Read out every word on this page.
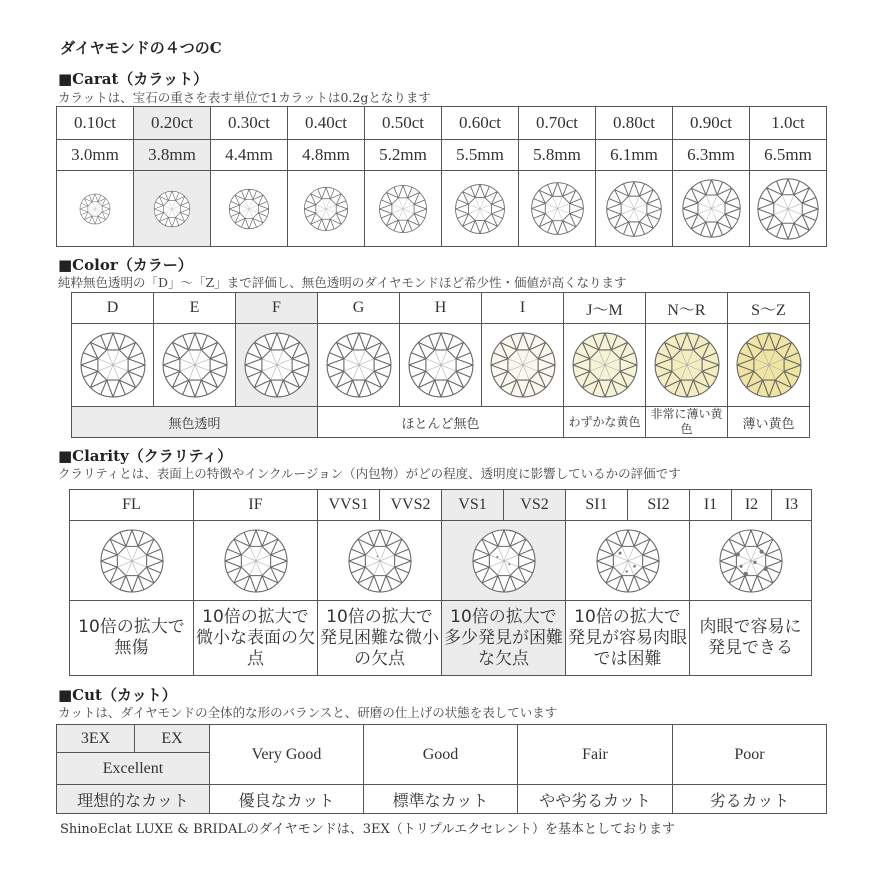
ダイヤモンドの４つのC
■Carat（カラット）
カラットは、宝石の重さを表す単位で1カラットは0.2gとなります
0.10ct	0.20ct	0.30ct	0.40ct	0.50ct	0.60ct	0.70ct	0.80ct	0.90ct	1.0ct
3.0mm	3.8mm	4.4mm	4.8mm	5.2mm	5.5mm	5.8mm	6.1mm	6.3mm	6.5mm

■Color（カラー）
純粋無色透明の「D」〜「Z」まで評価し、無色透明のダイヤモンドほど希少性・価値が高くなります
D	E	F	G	H	I	J〜M	N〜R	S〜Z

無色透明			ほとんど無色			わずかな黄色	非常に薄い黄色	薄い黄色
■Clarity（クラリティ）
クラリティとは、表面上の特徴やインクルージョン（内包物）がどの程度、透明度に影響しているかの評価です
FL	IF	VVS1	VVS2	VS1	VS2	SI1	SI2	I1	I2	I3

10倍の拡大で無傷	10倍の拡大で微小な表面の欠点	10倍の拡大で発見困難な微小の欠点		10倍の拡大で多少発見が困難な欠点		10倍の拡大で発見が容易肉眼では困難		肉眼で容易に発見できる		
■Cut（カット）
カットは、ダイヤモンドの全体的な形のバランスと、研磨の仕上げの状態を表しています
3EX	EX	Very Good	Good	Fair	Poor
Excellent					
理想的なカット		優良なカット	標準なカット	やや劣るカット	劣るカット
ShinoEclat LUXE & BRIDALのダイヤモンドは、3EX（トリプルエクセレント）を基本としております
